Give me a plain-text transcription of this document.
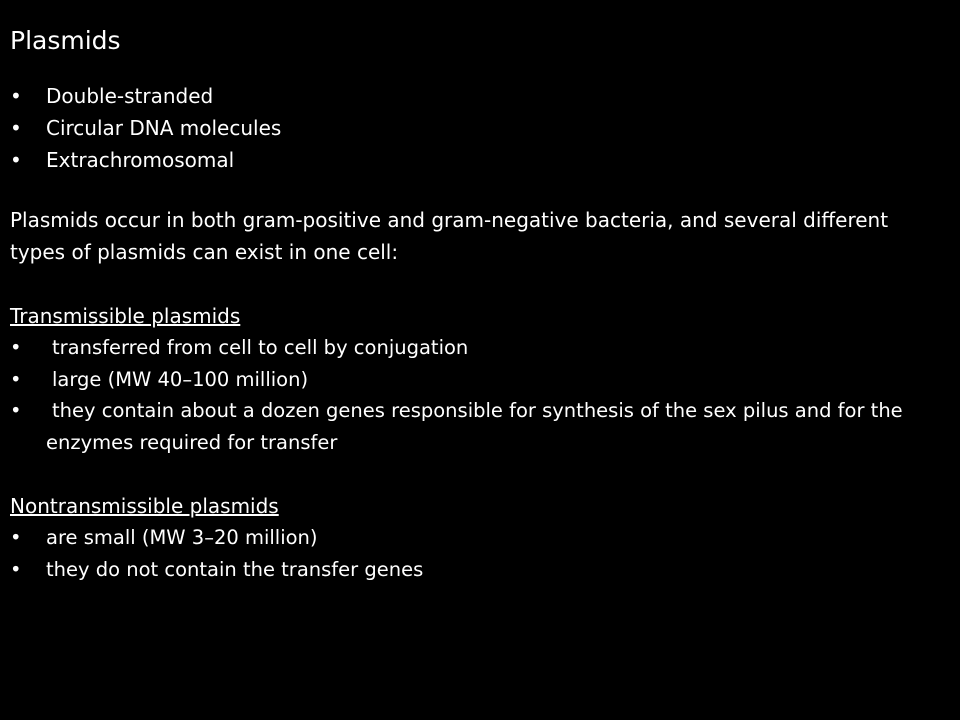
Plasmids
• Double-stranded
• Circular DNA molecules
• Extrachromosomal

Plasmids occur in both gram-positive and gram-negative bacteria, and several different types of plasmids can exist in one cell:

Transmissible plasmids
• transferred from cell to cell by conjugation
• large (MW 40–100 million)
• they contain about a dozen genes responsible for synthesis of the sex pilus and for the enzymes required for transfer
Nontransmissible plasmids
• are small (MW 3–20 million)
• they do not contain the transfer genes
